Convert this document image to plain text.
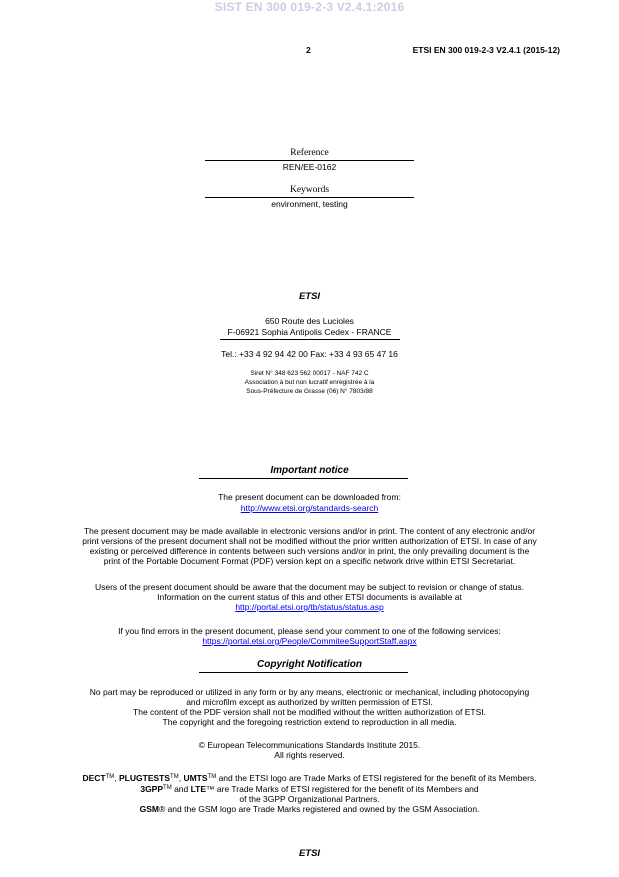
SIST EN 300 019-2-3 V2.4.1:2016
2	ETSI EN 300 019-2-3 V2.4.1 (2015-12)
Reference
REN/EE-0162
Keywords
environment, testing
ETSI
650 Route des Lucioles
F-06921 Sophia Antipolis Cedex - FRANCE
Tel.: +33 4 92 94 42 00 Fax: +33 4 93 65 47 16
Siret N° 348 623 562 00017 - NAF 742 C
Association à but non lucratif enregistrée à la
Sous-Préfecture de Grasse (06) N° 7803/88
Important notice
The present document can be downloaded from:
http://www.etsi.org/standards-search
The present document may be made available in electronic versions and/or in print. The content of any electronic and/or
print versions of the present document shall not be modified without the prior written authorization of ETSI. In case of any
existing or perceived difference in contents between such versions and/or in print, the only prevailing document is the
print of the Portable Document Format (PDF) version kept on a specific network drive within ETSI Secretariat.
Users of the present document should be aware that the document may be subject to revision or change of status.
Information on the current status of this and other ETSI documents is available at
http://portal.etsi.org/tb/status/status.asp
If you find errors in the present document, please send your comment to one of the following services:
https://portal.etsi.org/People/CommiteeSupportStaff.aspx
Copyright Notification
No part may be reproduced or utilized in any form or by any means, electronic or mechanical, including photocopying
and microfilm except as authorized by written permission of ETSI.
The content of the PDF version shall not be modified without the written authorization of ETSI.
The copyright and the foregoing restriction extend to reproduction in all media.
© European Telecommunications Standards Institute 2015.
All rights reserved.
DECT™, PLUGTESTS™, UMTS™ and the ETSI logo are Trade Marks of ETSI registered for the benefit of its Members.
3GPP™ and LTE™ are Trade Marks of ETSI registered for the benefit of its Members and
of the 3GPP Organizational Partners.
GSM® and the GSM logo are Trade Marks registered and owned by the GSM Association.
ETSI
